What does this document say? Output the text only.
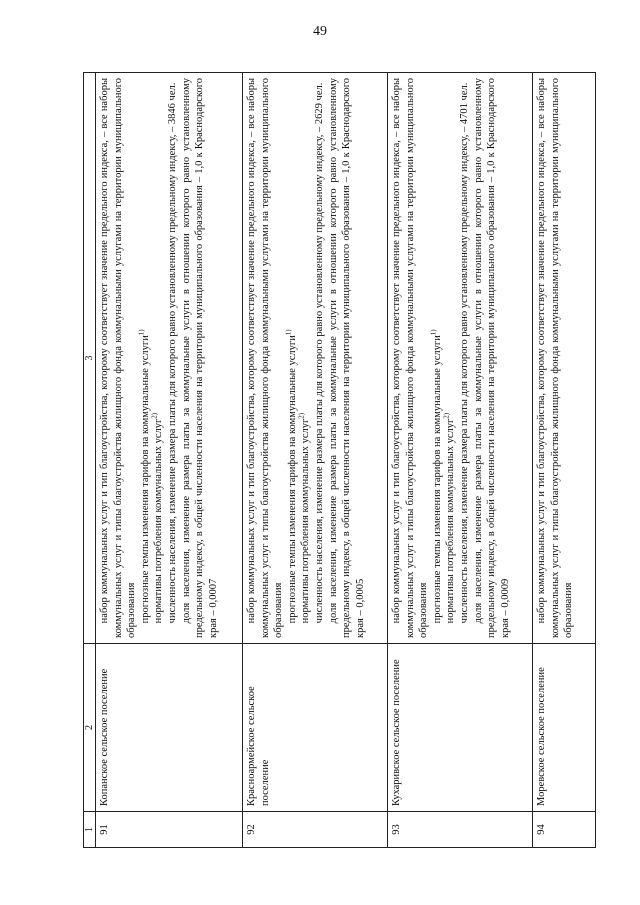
49
1	2	3
91	Копанское сельское поселение	набор коммунальных услуг и тип благоустройства, которому соответствует значение предельного индекса, – все наборы коммунальных услуг и типы благоустройства жилищного фонда коммунальными услугами на территории муниципального образования прогнозные темпы изменения тарифов на коммунальные услуги$^{1)}$
нормативы потребления коммунальных услуг$^{2)}$ численность населения, изменение размера платы для которого равно установленному предельному индексу, – 3846 чел. доля населения, изменение размера платы за коммунальные услуги в отношении которого равно установленному предельному индексу, в общей численности населения на территории муниципального образования – 1,0 к Краснодарского края – 0,0007

92	Красноармейское сельское поселение	набор коммунальных услуг и тип благоустройства, которому соответствует значение предельного индекса, – все наборы коммунальных услуг и типы благоустройства жилищного фонда коммунальными услугами на территории муниципального образования прогнозные темпы изменения тарифов на коммунальные услуги$^{1)}$
нормативы потребления коммунальных услуг$^{2)}$ численность населения, изменение размера платы для которого равно установленному предельному индексу, – 2629 чел. доля населения, изменение размера платы за коммунальные услуги в отношении которого равно установленному предельному индексу, в общей численности населения на территории муниципального образования – 1,0 к Краснодарского края – 0,0005

93	Кухаривское сельское поселение	набор коммунальных услуг и тип благоустройства, которому соответствует значение предельного индекса, – все наборы коммунальных услуг и типы благоустройства жилищного фонда коммунальными услугами на территории муниципального образования прогнозные темпы изменения тарифов на коммунальные услуги$^{1)}$
нормативы потребления коммунальных услуг$^{2)}$ численность населения, изменение размера платы для которого равно установленному предельному индексу, – 4701 чел. доля населения, изменение размера платы за коммунальные услуги в отношении которого равно установленному предельному индексу, в общей численности населения на территории муниципального образования – 1,0 к Краснодарского края – 0,0009

94	Моревское сельское поселение	набор коммунальных услуг и тип благоустройства, которому соответствует значение предельного индекса, – все наборы коммунальных услуг и типы благоустройства жилищного фонда коммунальными услугами на территории муниципального образования
